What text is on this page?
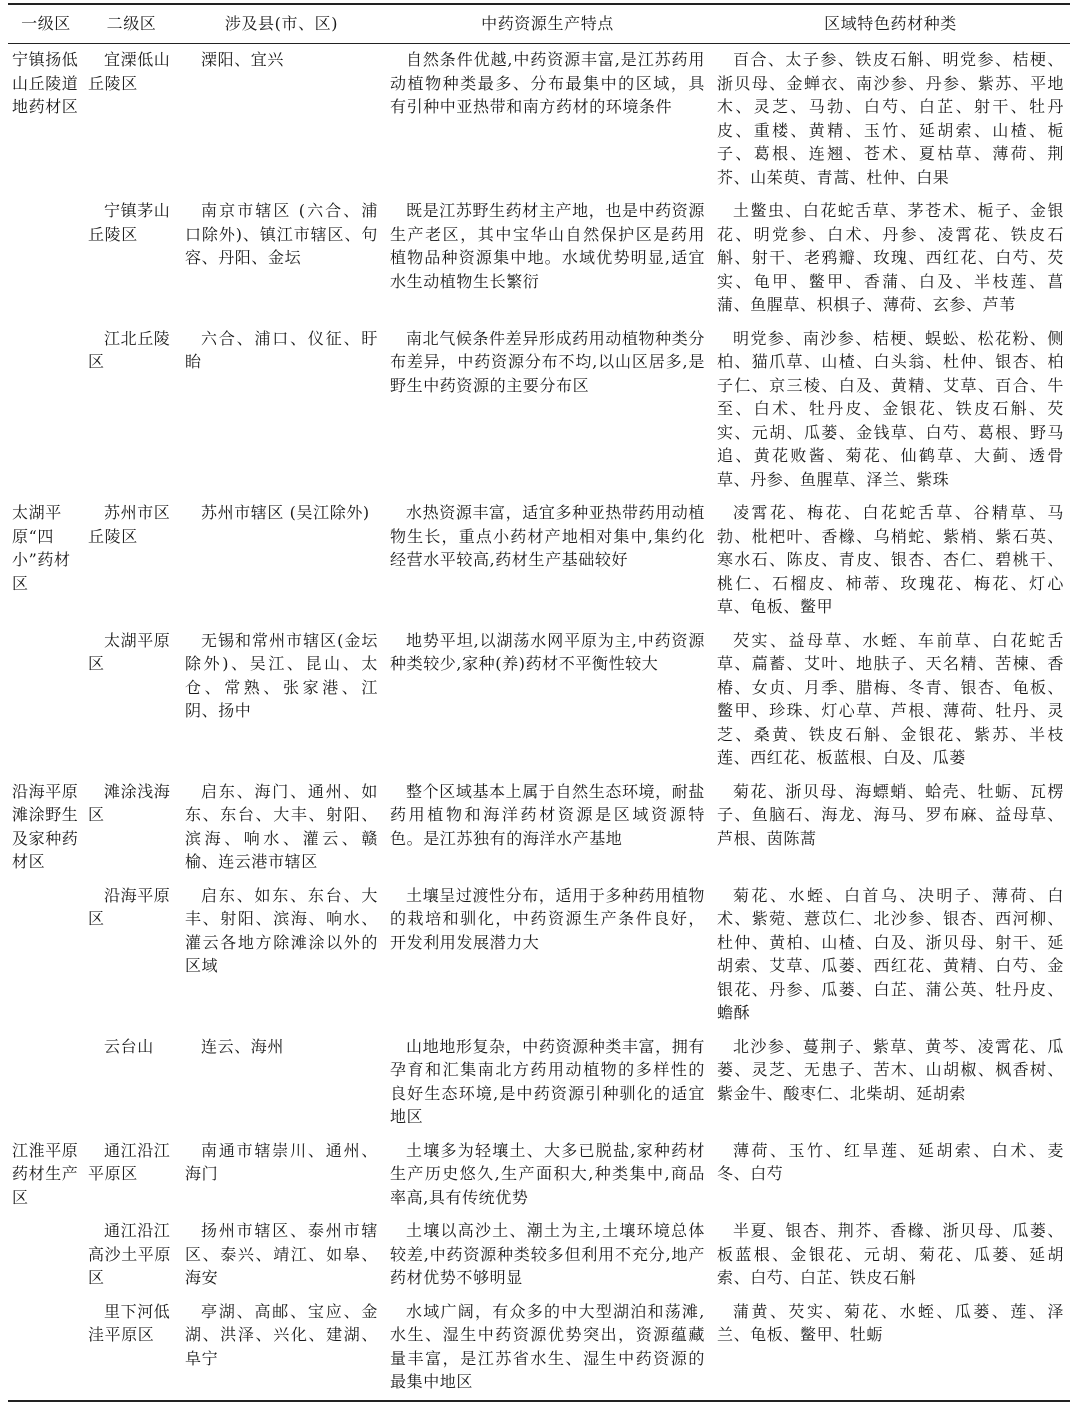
一级区	二级区	涉及县(市、区)	中药资源生产特点	区域特色药材种类
宁镇扬低山丘陵道地药材区	宜溧低山丘陵区	溧阳、宜兴	自然条件优越,中药资源丰富,是江苏药用动植物种类最多、分布最集中的区域，具有引种中亚热带和南方药材的环境条件	百合、太子参、铁皮石斛、明党参、桔梗、浙贝母、金蝉衣、南沙参、丹参、紫苏、平地木、灵芝、马勃、白芍、白芷、射干、牡丹皮、重楼、黄精、玉竹、延胡索、山楂、栀子、葛根、连翘、苍术、夏枯草、薄荷、荆芥、山茱萸、青蒿、杜仲、白果
	宁镇茅山丘陵区	南京市辖区 (六合、浦口除外)、镇江市辖区、句容、丹阳、金坛	既是江苏野生药材主产地，也是中药资源生产老区，其中宝华山自然保护区是药用植物品种资源集中地。水域优势明显,适宜水生动植物生长繁衍	土鳖虫、白花蛇舌草、茅苍术、栀子、金银花、明党参、白术、丹参、凌霄花、铁皮石斛、射干、老鸦瓣、玫瑰、西红花、白芍、芡实、龟甲、鳖甲、香蒲、白及、半枝莲、菖蒲、鱼腥草、枳椇子、薄荷、玄参、芦苇
	江北丘陵区	六合、浦口、仪征、盱眙	南北气候条件差异形成药用动植物种类分布差异，中药资源分布不均,以山区居多,是野生中药资源的主要分布区	明党参、南沙参、桔梗、蜈蚣、松花粉、侧柏、猫爪草、山楂、白头翁、杜仲、银杏、柏子仁、京三棱、白及、黄精、艾草、百合、牛至、白术、牡丹皮、金银花、铁皮石斛、芡实、元胡、瓜蒌、金钱草、白芍、葛根、野马追、黄花败酱、菊花、仙鹤草、大蓟、透骨草、丹参、鱼腥草、泽兰、紫珠
太湖平原“四小”药材区	苏州市区丘陵区	苏州市辖区 (吴江除外)	水热资源丰富，适宜多种亚热带药用动植物生长，重点小药材产地相对集中,集约化经营水平较高,药材生产基础较好	凌霄花、梅花、白花蛇舌草、谷精草、马勃、枇杷叶、香橼、乌梢蛇、紫梢、紫石英、寒水石、陈皮、青皮、银杏、杏仁、碧桃干、桃仁、石榴皮、柿蒂、玫瑰花、梅花、灯心草、龟板、鳖甲
	太湖平原区	无锡和常州市辖区(金坛除外)、吴江、昆山、太仓、常熟、张家港、江阴、扬中	地势平坦,以湖荡水网平原为主,中药资源种类较少,家种(养)药材不平衡性较大	芡实、益母草、水蛭、车前草、白花蛇舌草、萹蓄、艾叶、地肤子、天名精、苦楝、香椿、女贞、月季、腊梅、冬青、银杏、龟板、鳖甲、珍珠、灯心草、芦根、薄荷、牡丹、灵芝、桑黄、铁皮石斛、金银花、紫苏、半枝莲、西红花、板蓝根、白及、瓜蒌
沿海平原滩涂野生及家种药材区	滩涂浅海区	启东、海门、通州、如东、东台、大丰、射阳、滨海、响水、灌云、赣榆、连云港市辖区	整个区域基本上属于自然生态环境，耐盐药用植物和海洋药材资源是区域资源特色。是江苏独有的海洋水产基地	菊花、浙贝母、海螵蛸、蛤壳、牡蛎、瓦楞子、鱼脑石、海龙、海马、罗布麻、益母草、芦根、茵陈蒿
	沿海平原区	启东、如东、东台、大丰、射阳、滨海、响水、灌云各地方除滩涂以外的区域	土壤呈过渡性分布，适用于多种药用植物的栽培和驯化，中药资源生产条件良好，开发利用发展潜力大	菊花、水蛭、白首乌、决明子、薄荷、白术、紫菀、薏苡仁、北沙参、银杏、西河柳、杜仲、黄柏、山楂、白及、浙贝母、射干、延胡索、艾草、瓜蒌、西红花、黄精、白芍、金银花、丹参、瓜蒌、白芷、蒲公英、牡丹皮、蟾酥
	云台山	连云、海州	山地地形复杂，中药资源种类丰富，拥有孕育和汇集南北方药用动植物的多样性的良好生态环境,是中药资源引种驯化的适宜地区	北沙参、蔓荆子、紫草、黄芩、凌霄花、瓜蒌、灵芝、无患子、苦木、山胡椒、枫香树、紫金牛、酸枣仁、北柴胡、延胡索
江淮平原药材生产区	通江沿江平原区	南通市辖崇川、通州、海门	土壤多为轻壤土、大多已脱盐,家种药材生产历史悠久,生产面积大,种类集中,商品率高,具有传统优势	薄荷、玉竹、红旱莲、延胡索、白术、麦冬、白芍
	通江沿江高沙土平原区	扬州市辖区、泰州市辖区、泰兴、靖江、如皋、海安	土壤以高沙土、潮土为主,土壤环境总体较差,中药资源种类较多但利用不充分,地产药材优势不够明显	半夏、银杏、荆芥、香橼、浙贝母、瓜蒌、板蓝根、金银花、元胡、菊花、瓜蒌、延胡索、白芍、白芷、铁皮石斛
	里下河低洼平原区	亭湖、高邮、宝应、金湖、洪泽、兴化、建湖、阜宁	水域广阔，有众多的中大型湖泊和荡滩,水生、湿生中药资源优势突出，资源蕴藏量丰富，是江苏省水生、湿生中药资源的最集中地区	蒲黄、芡实、菊花、水蛭、瓜蒌、莲、泽兰、龟板、鳖甲、牡蛎
